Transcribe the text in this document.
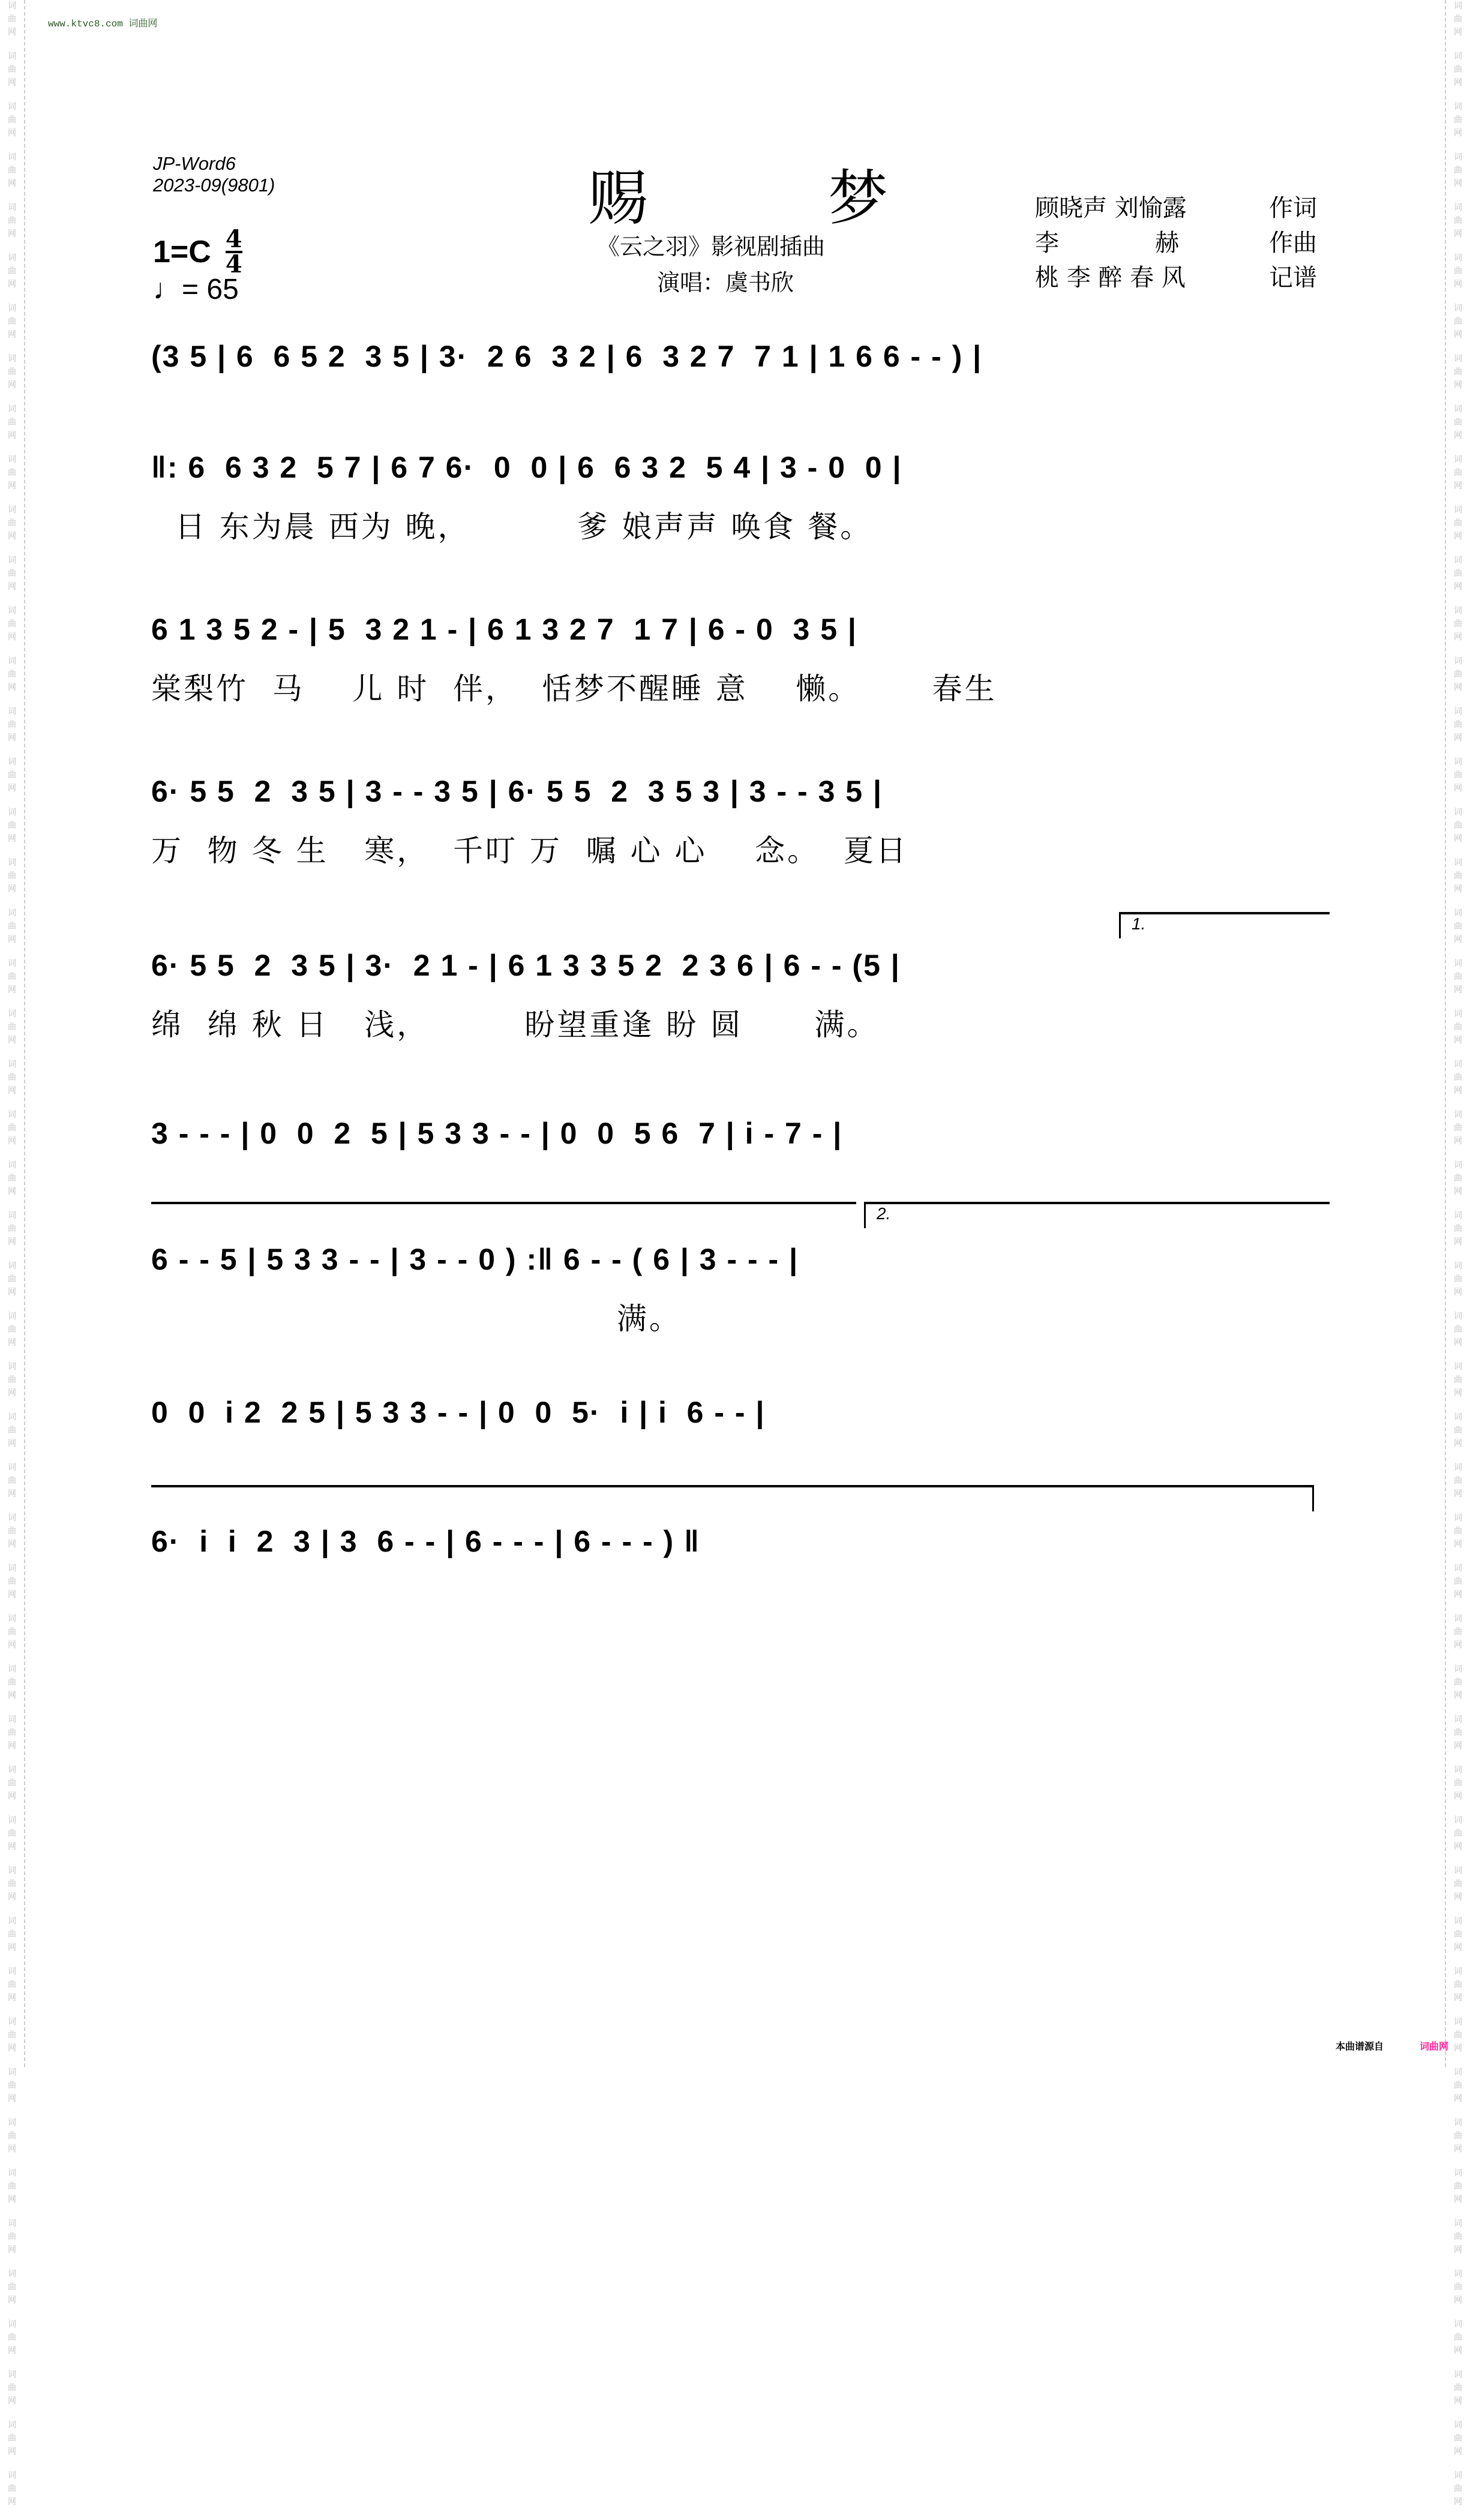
词
曲
网
词
曲
网
词
曲
网
词
曲
网
词
曲
网
词
曲
网
词
曲
网
词
曲
网
词
曲
网
词
曲
网
词
曲
网
词
曲
网
词
曲
网
词
曲
网
词
曲
网
词
曲
网
词
曲
网
词
曲
网
词
曲
网
词
曲
网
词
曲
网
词
曲
网
词
曲
网
词
曲
网
词
曲
网
词
曲
网
词
曲
网
词
曲
网
词
曲
网
词
曲
网
词
曲
网
词
曲
网
词
曲
网
词
曲
网
词
曲
网
词
曲
网
词
曲
网
词
曲
网
词
曲
网
词
曲
网
词
曲
网
词
曲
网
词
曲
网
词
曲
网
词
曲
网
词
曲
网
词
曲
网
词
曲
网
词
曲
网
词
曲
网
词
曲
网
词
曲
网
词
曲
网
词
曲
网
词
曲
网
词
曲
网
词
曲
网
词
曲
网
词
曲
网
词
曲
网
词
曲
网
词
曲
网
词
曲
网
词
曲
网
词
曲
网
词
曲
网
词
曲
网
词
曲
网
词
曲
网
词
曲
网
词
曲
网
词
曲
网
词
曲
网
词
曲
网
词
曲
网
词
曲
网
词
曲
网
词
曲
网
词
曲
网
词
曲
网
词
曲
网
词
曲
网
词
曲
网
词
曲
网
词
曲
网
词
曲
网
词
曲
网
词
曲
网
词
曲
网
词
曲
网
词
曲
网
词
曲
网
词
曲
网
词
曲
网
词
曲
网
词
曲
网
词
曲
网
词
曲
网
词
曲
网
词
曲
网
www.ktvc8.com 词曲网
JP-Word6
2023-09(9801)	赐梦
《云之羽》影视剧插曲
演唱：虞书欣
顾晓声 刘愉露	作词
李　　　　赫	作曲
桃 李 醉 春 风	记谱
$1=C \frac{4}{4}$
♩= 65
(3 5 | 6  6 5 2  3 5 | 3·  2 6  3 2 | 6  3 2 7  7 1 | 1 6 6 - - ) |
‖: 6  6 3 2  5 7 | 6 7 6·  0  0 | 6  6 3 2  5 4 | 3 - 0  0 |
日 东为晨 西为 晚，         爹 娘声声 唤食 餐。
6 1 3 5 2 - | 5  3 2 1 - | 6 1 3 2 7  1 7 | 6 - 0  3 5 |
棠梨竹  马    儿 时  伴，  恬梦不醒睡 意    懒。      春生
6· 5 5  2  3 5 | 3 - - 3 5 | 6· 5 5  2  3 5 3 | 3 - - 3 5 |
万  物 冬 生   寒，  千叮 万  嘱 心 心    念。  夏日
1.
6· 5 5  2  3 5 | 3·  2 1 - | 6 1 3 3 5 2  2 3 6 | 6 - - (5 |
绵  绵 秋 日   浅，        盼望重逢 盼 圆      满。
3 - - - | 0  0  2  5 | 5 3 3 - - | 0  0  5 6  7 | i - 7 - |
2.
6 - - 5 | 5 3 3 - - | 3 - - 0 ) :‖ 6 - - ( 6 | 3 - - - |
满。
0  0  i 2  2 5 | 5 3 3 - - | 0  0  5·  i | i  6 - - |
6·  i  i  2  3 | 3  6 - - | 6 - - - | 6 - - - ) ‖
本曲谱源自	词曲网
